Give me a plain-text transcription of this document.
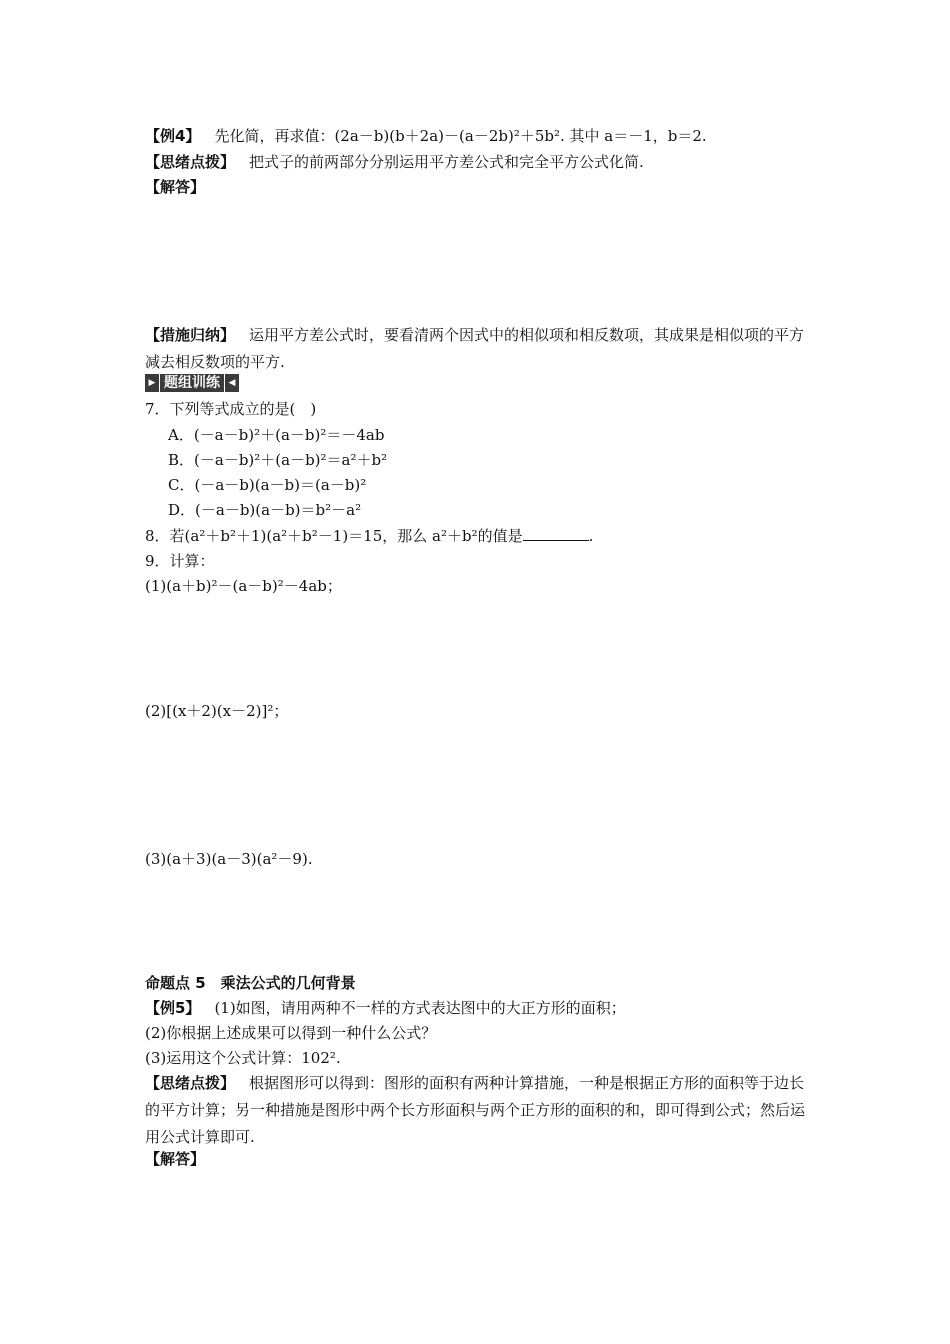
【例4】 先化简，再求值：(2a－b)(b＋2a)－(a－2b)²＋5b². 其中 a＝－1，b＝2.
【思绪点拨】 把式子的前两部分分别运用平方差公式和完全平方公式化简.
【解答】
【措施归纳】 运用平方差公式时，要看清两个因式中的相似项和相反数项，其成果是相似项的平方减去相反数项的平方.
▶ 题组训练 ◀
7．下列等式成立的是(　)
A．(－a－b)²＋(a－b)²＝－4ab
B．(－a－b)²＋(a－b)²＝a²＋b²
C．(－a－b)(a－b)＝(a－b)²
D．(－a－b)(a－b)＝b²－a²
8．若(a²＋b²＋1)(a²＋b²－1)＝15，那么 a²＋b²的值是	.
9．计算：
(1)(a＋b)²－(a－b)²－4ab；
(2)[(x＋2)(x－2)]²；
(3)(a＋3)(a－3)(a²－9).
命题点 5　乘法公式的几何背景
【例5】 (1)如图，请用两种不一样的方式表达图中的大正方形的面积；
(2)你根据上述成果可以得到一种什么公式？
(3)运用这个公式计算：102².
【思绪点拨】 根据图形可以得到：图形的面积有两种计算措施，一种是根据正方形的面积等于边长的平方计算；另一种措施是图形中两个长方形面积与两个正方形的面积的和，即可得到公式；然后运用公式计算即可.
【解答】
